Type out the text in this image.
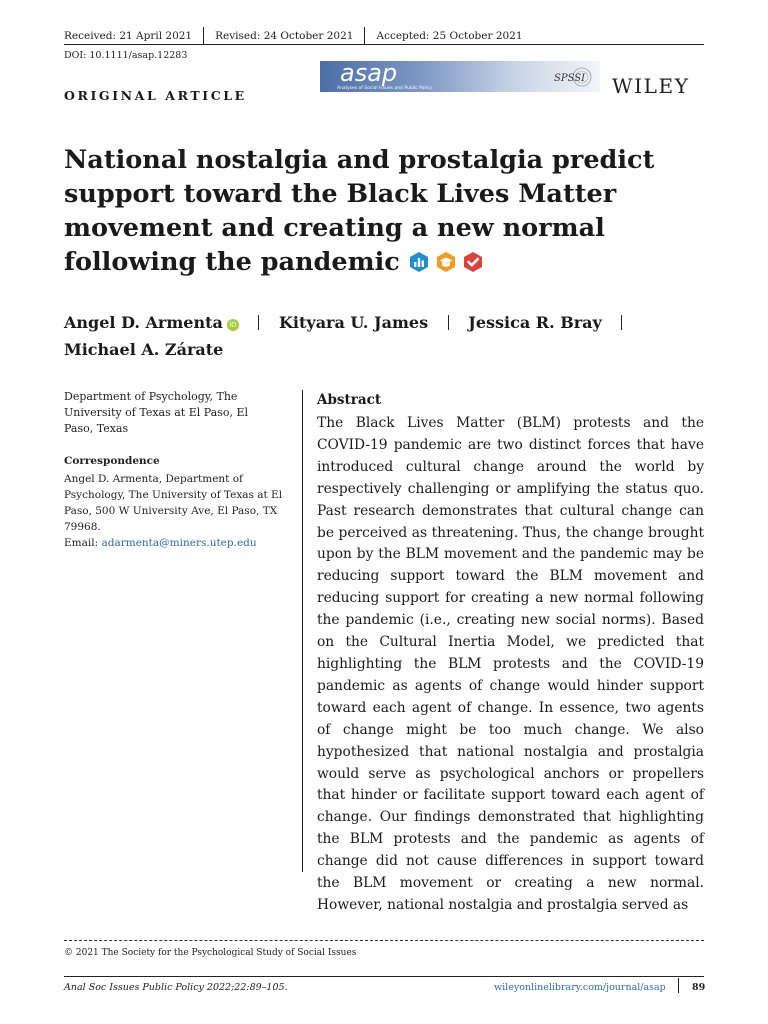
Received: 21 April 2021 Revised: 24 October 2021 Accepted: 25 October 2021
DOI: 10.1111/asap.12283
ORIGINAL ARTICLE
asap
Analyses of Social Issues and Public Policy
SPSSI WILEY
National nostalgia and prostalgia predict support toward the Black Lives Matter movement and creating a new normal following the pandemic
Angel D. Armenta iD	Kityara U. James	Jessica R. Bray
Michael A. Zárate
Department of Psychology, The University of Texas at El Paso, El Paso, Texas
Correspondence
Angel D. Armenta, Department of Psychology, The University of Texas at El Paso, 500 W University Ave, El Paso, TX 79968.
Email: adarmenta@miners.utep.edu
Abstract
The Black Lives Matter (BLM) protests and the COVID-19 pandemic are two distinct forces that have introduced cultural change around the world by respectively challenging or amplifying the status quo. Past research demonstrates that cultural change can be perceived as threatening. Thus, the change brought upon by the BLM movement and the pandemic may be reducing support toward the BLM movement and reducing support for creating a new normal following the pandemic (i.e., creating new social norms). Based on the Cultural Inertia Model, we predicted that highlighting the BLM protests and the COVID-19 pandemic as agents of change would hinder support toward each agent of change. In essence, two agents of change might be too much change. We also hypothesized that national nostalgia and prostalgia would serve as psychological anchors or propellers that hinder or facilitate support toward each agent of change. Our findings demonstrated that highlighting the BLM protests and the pandemic as agents of change did not cause differences in support toward the BLM movement or creating a new normal. However, national nostalgia and prostalgia served as
© 2021 The Society for the Psychological Study of Social Issues
Anal Soc Issues Public Policy 2022;22:89–105.	wileyonlinelibrary.com/journal/asap	89
